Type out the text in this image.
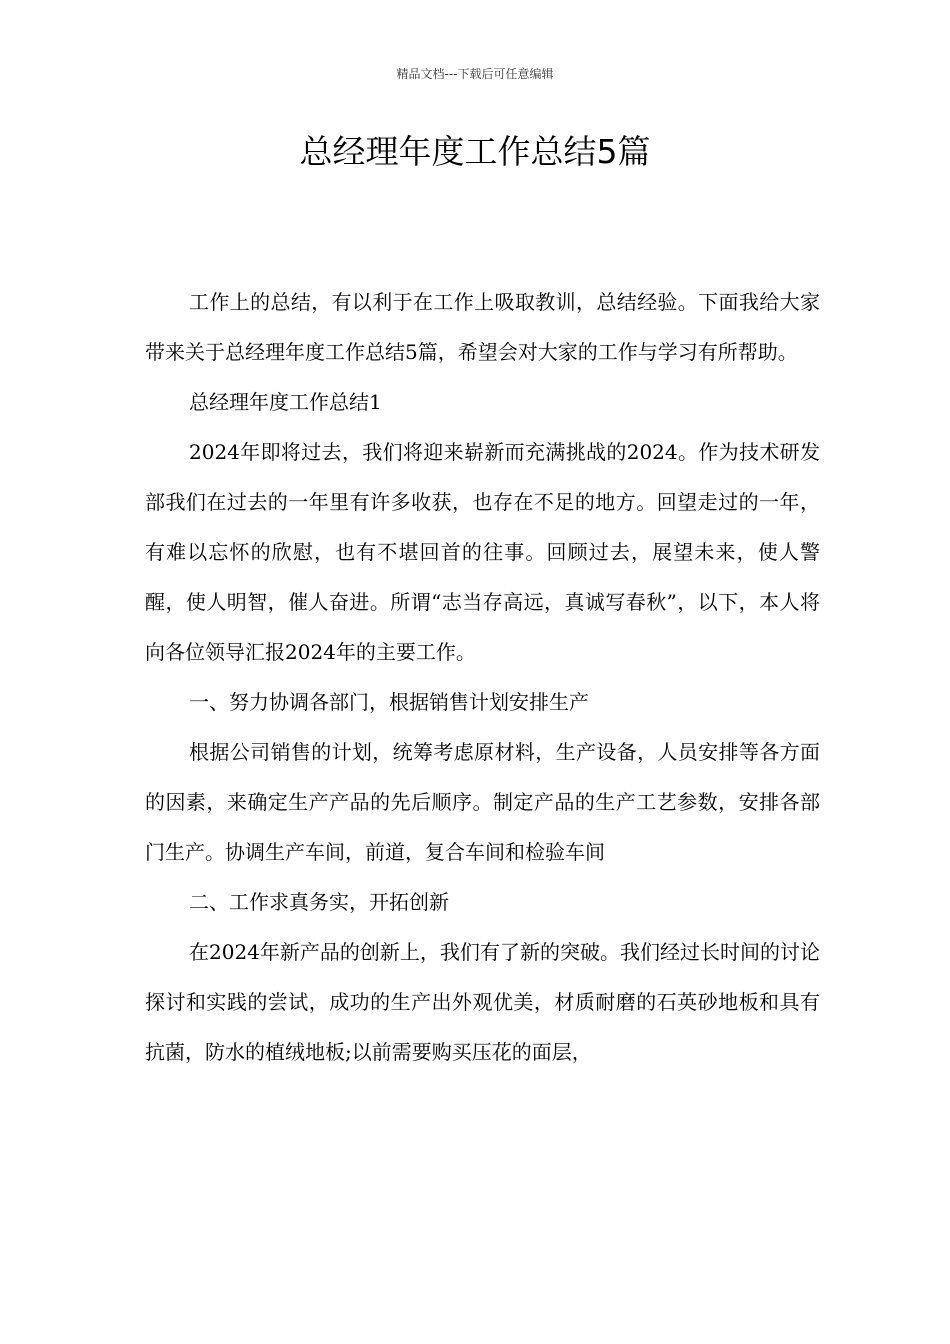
精品文档---下载后可任意编辑
总经理年度工作总结5篇

工作上的总结，有以利于在工作上吸取教训，总结经验。下面我给大家带来关于总经理年度工作总结5篇，希望会对大家的工作与学习有所帮助。

总经理年度工作总结1

2024年即将过去，我们将迎来崭新而充满挑战的2024。作为技术研发部我们在过去的一年里有许多收获，也存在不足的地方。回望走过的一年，有难以忘怀的欣慰，也有不堪回首的往事。回顾过去，展望未来，使人警醒，使人明智，催人奋进。所谓“志当存高远，真诚写春秋”，以下，本人将向各位领导汇报2024年的主要工作。

一、努力协调各部门，根据销售计划安排生产

根据公司销售的计划，统筹考虑原材料，生产设备，人员安排等各方面的因素，来确定生产产品的先后顺序。制定产品的生产工艺参数，安排各部门生产。协调生产车间，前道，复合车间和检验车间

二、工作求真务实，开拓创新

在2024年新产品的创新上，我们有了新的突破。我们经过长时间的讨论探讨和实践的尝试，成功的生产出外观优美，材质耐磨的石英砂地板和具有抗菌，防水的植绒地板;以前需要购买压花的面层，
